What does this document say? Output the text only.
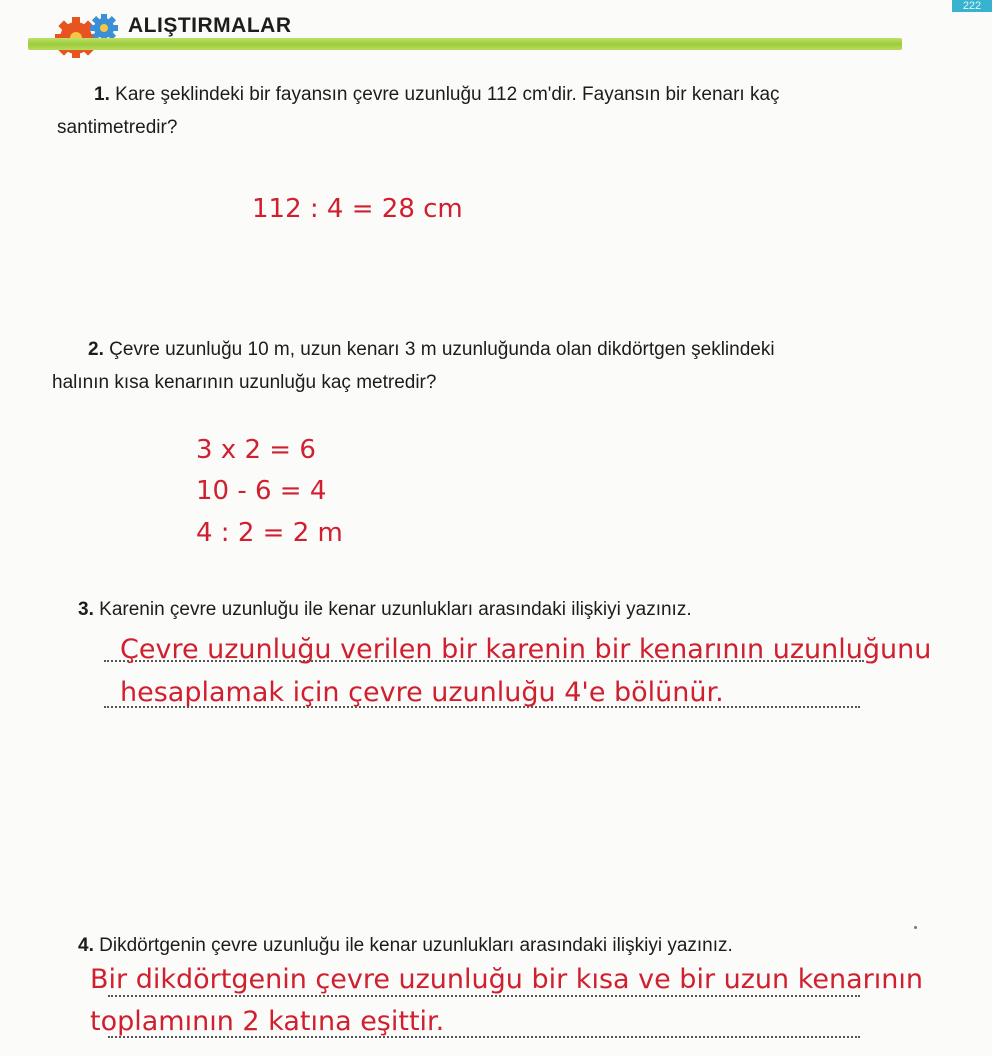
222
ALIŞTIRMALAR
1. Kare şeklindeki bir fayansın çevre uzunluğu 112 cm'dir. Fayansın bir kenarı kaç
santimetredir?
112 : 4 = 28 cm
2. Çevre uzunluğu 10 m, uzun kenarı 3 m uzunluğunda olan dikdörtgen şeklindeki
halının kısa kenarının uzunluğu kaç metredir?
3 x 2 = 6
10 - 6 = 4
4 : 2 = 2 m
3. Karenin çevre uzunluğu ile kenar uzunlukları arasındaki ilişkiyi yazınız.
Çevre uzunluğu verilen bir karenin bir kenarının uzunluğunu
hesaplamak için çevre uzunluğu 4'e bölünür.
4. Dikdörtgenin çevre uzunluğu ile kenar uzunlukları arasındaki ilişkiyi yazınız.
Bir dikdörtgenin çevre uzunluğu bir kısa ve bir uzun kenarının
toplamının 2 katına eşittir.
